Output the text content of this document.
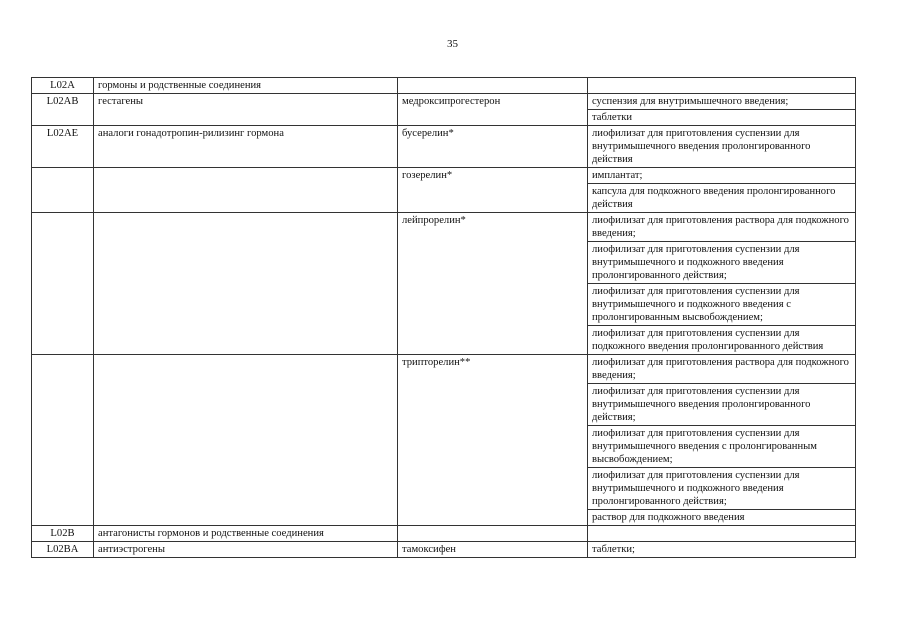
35
L02A	гормоны и родственные соединения		

L02AB	гестагены	медроксипрогестерон	суспензия для внутримышечного введения;
таблетки

L02AE	аналоги гонадотропин-рилизинг гормона	бусерелин*	лиофилизат для приготовления суспензии для внутримышечного введения пролонгированного действия

		гозерелин*	имплантат;
капсула для подкожного введения пролонгированного действия

		лейпрорелин*	лиофилизат для приготовления раствора для подкожного введения;
лиофилизат для приготовления суспензии для внутримышечного и подкожного введения пролонгированного действия;
лиофилизат для приготовления суспензии для внутримышечного и подкожного введения с пролонгированным высвобождением;
лиофилизат для приготовления суспензии для подкожного введения пролонгированного действия

		трипторелин**	лиофилизат для приготовления раствора для подкожного введения;
лиофилизат для приготовления суспензии для внутримышечного введения пролонгированного действия;
лиофилизат для приготовления суспензии для внутримышечного введения с пролонгированным высвобождением;
лиофилизат для приготовления суспензии для внутримышечного и подкожного введения пролонгированного действия;
раствор для подкожного введения

L02B	антагонисты гормонов и родственные соединения		

L02BA	антиэстрогены	тамоксифен	таблетки;
